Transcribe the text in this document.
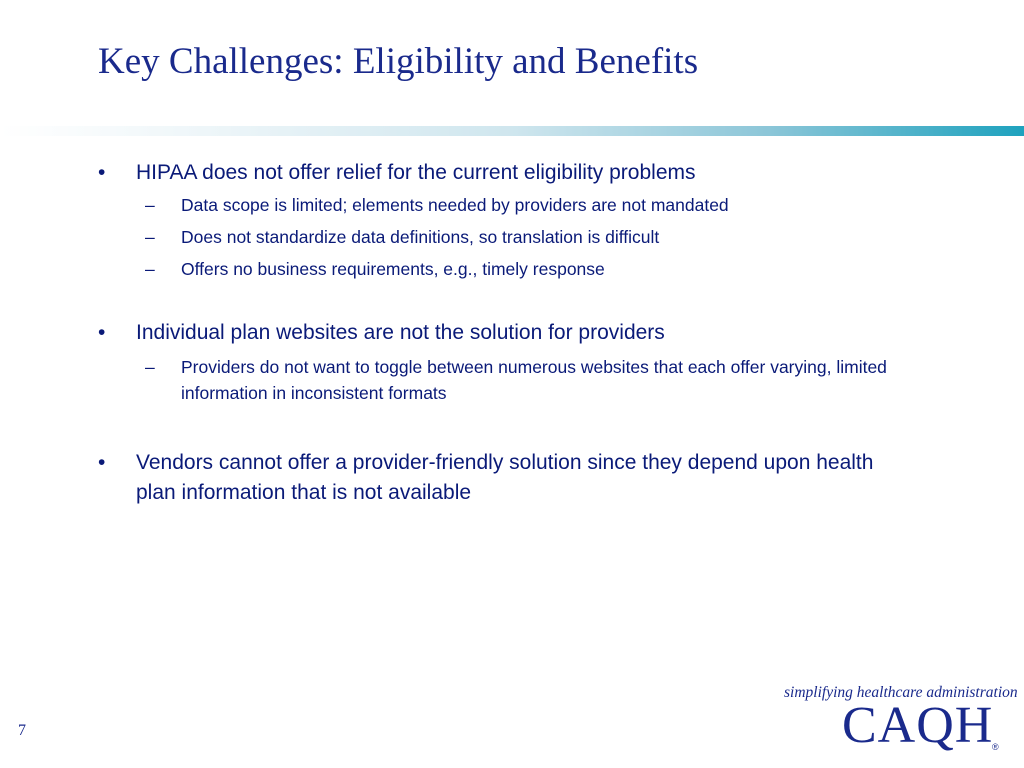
Key Challenges: Eligibility and Benefits
•	HIPAA does not offer relief for the current eligibility problems
– Data scope is limited; elements needed by providers are not mandated
– Does not standardize data definitions, so translation is difficult
– Offers no business requirements, e.g., timely response
•	Individual plan websites are not the solution for providers
– Providers do not want to toggle between numerous websites that each offer varying, limited information in inconsistent formats
•	Vendors cannot offer a provider-friendly solution since they depend upon health plan information that is not available
7
simplifying healthcare administration
CAQH
®
